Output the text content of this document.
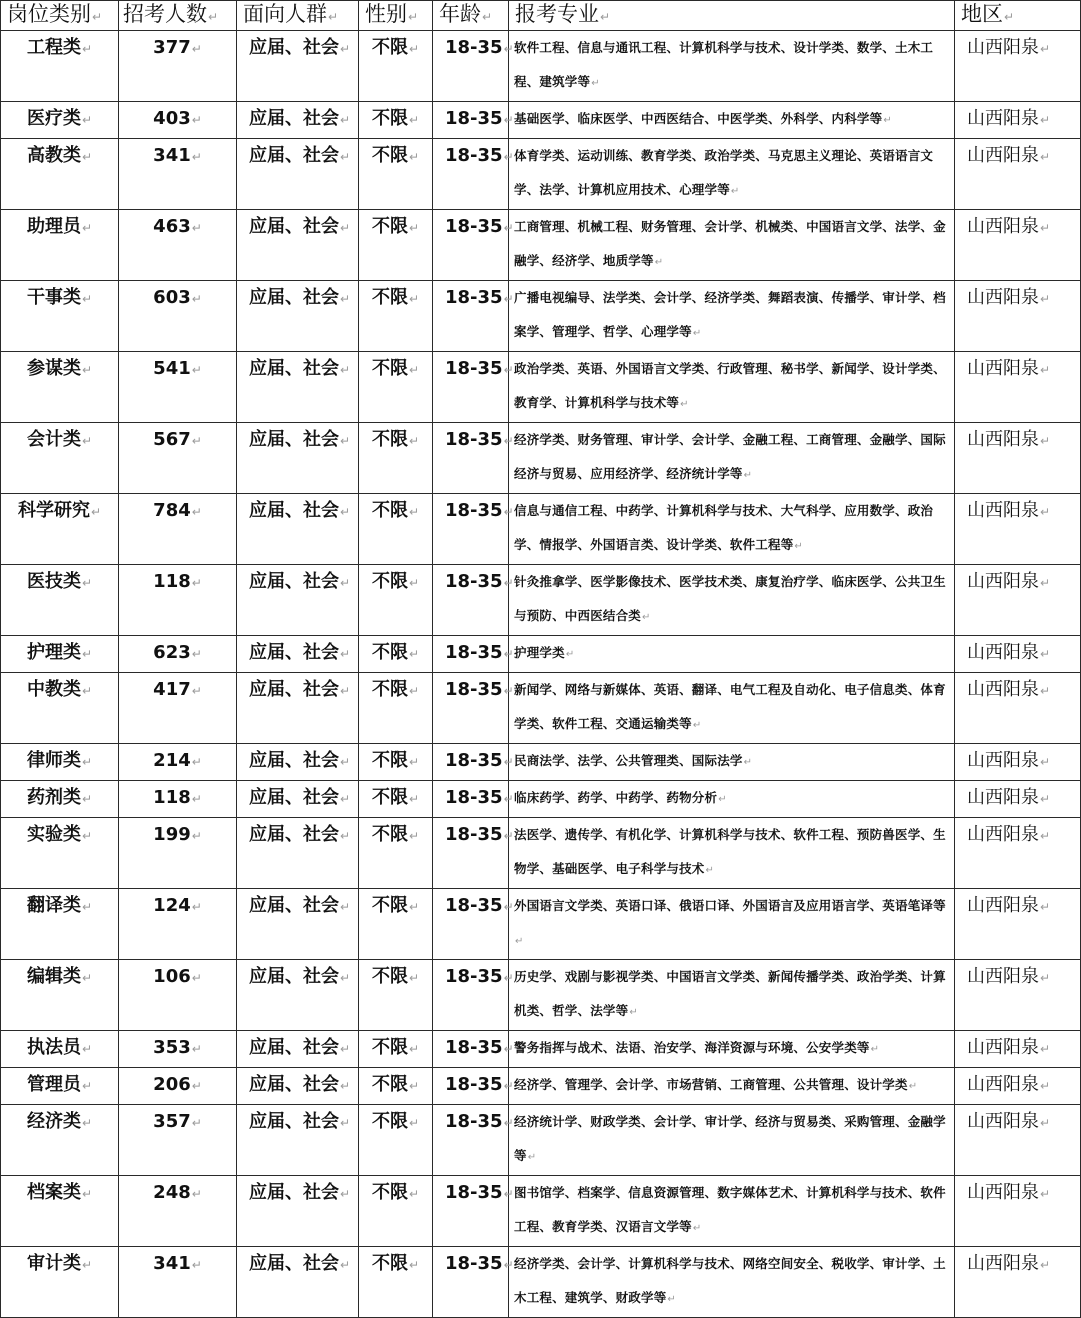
岗位类别↵	招考人数↵	面向人群↵	性别↵	年龄↵	报考专业↵	地区↵
工程类↵	377↵	应届、社会↵	不限↵	18-35↵	软件工程、信息与通讯工程、计算机科学与技术、设计学类、数学、土木工程、建筑学等↵	山西阳泉↵
医疗类↵	403↵	应届、社会↵	不限↵	18-35↵	基础医学、临床医学、中西医结合、中医学类、外科学、内科学等↵	山西阳泉↵
高教类↵	341↵	应届、社会↵	不限↵	18-35↵	体育学类、运动训练、教育学类、政治学类、马克思主义理论、英语语言文学、法学、计算机应用技术、心理学等↵	山西阳泉↵
助理员↵	463↵	应届、社会↵	不限↵	18-35↵	工商管理、机械工程、财务管理、会计学、机械类、中国语言文学、法学、金融学、经济学、地质学等↵	山西阳泉↵
干事类↵	603↵	应届、社会↵	不限↵	18-35↵	广播电视编导、法学类、会计学、经济学类、舞蹈表演、传播学、审计学、档案学、管理学、哲学、心理学等↵	山西阳泉↵
参谋类↵	541↵	应届、社会↵	不限↵	18-35↵	政治学类、英语、外国语言文学类、行政管理、秘书学、新闻学、设计学类、教育学、计算机科学与技术等↵	山西阳泉↵
会计类↵	567↵	应届、社会↵	不限↵	18-35↵	经济学类、财务管理、审计学、会计学、金融工程、工商管理、金融学、国际经济与贸易、应用经济学、经济统计学等↵	山西阳泉↵
科学研究↵	784↵	应届、社会↵	不限↵	18-35↵	信息与通信工程、中药学、计算机科学与技术、大气科学、应用数学、政治学、情报学、外国语言类、设计学类、软件工程等↵	山西阳泉↵
医技类↵	118↵	应届、社会↵	不限↵	18-35↵	针灸推拿学、医学影像技术、医学技术类、康复治疗学、临床医学、公共卫生与预防、中西医结合类↵	山西阳泉↵
护理类↵	623↵	应届、社会↵	不限↵	18-35↵	护理学类↵	山西阳泉↵
中教类↵	417↵	应届、社会↵	不限↵	18-35↵	新闻学、网络与新媒体、英语、翻译、电气工程及自动化、电子信息类、体育学类、软件工程、交通运输类等↵	山西阳泉↵
律师类↵	214↵	应届、社会↵	不限↵	18-35↵	民商法学、法学、公共管理类、国际法学↵	山西阳泉↵
药剂类↵	118↵	应届、社会↵	不限↵	18-35↵	临床药学、药学、中药学、药物分析↵	山西阳泉↵
实验类↵	199↵	应届、社会↵	不限↵	18-35↵	法医学、遗传学、有机化学、计算机科学与技术、软件工程、预防兽医学、生物学、基础医学、电子科学与技术↵	山西阳泉↵
翻译类↵	124↵	应届、社会↵	不限↵	18-35↵	外国语言文学类、英语口译、俄语口译、外国语言及应用语言学、英语笔译等↵	山西阳泉↵
编辑类↵	106↵	应届、社会↵	不限↵	18-35↵	历史学、戏剧与影视学类、中国语言文学类、新闻传播学类、政治学类、计算机类、哲学、法学等↵	山西阳泉↵
执法员↵	353↵	应届、社会↵	不限↵	18-35↵	警务指挥与战术、法语、治安学、海洋资源与环境、公安学类等↵	山西阳泉↵
管理员↵	206↵	应届、社会↵	不限↵	18-35↵	经济学、管理学、会计学、市场营销、工商管理、公共管理、设计学类↵	山西阳泉↵
经济类↵	357↵	应届、社会↵	不限↵	18-35↵	经济统计学、财政学类、会计学、审计学、经济与贸易类、采购管理、金融学等↵	山西阳泉↵
档案类↵	248↵	应届、社会↵	不限↵	18-35↵	图书馆学、档案学、信息资源管理、数字媒体艺术、计算机科学与技术、软件工程、教育学类、汉语言文学等↵	山西阳泉↵
审计类↵	341↵	应届、社会↵	不限↵	18-35↵	经济学类、会计学、计算机科学与技术、网络空间安全、税收学、审计学、土木工程、建筑学、财政学等↵	山西阳泉↵
